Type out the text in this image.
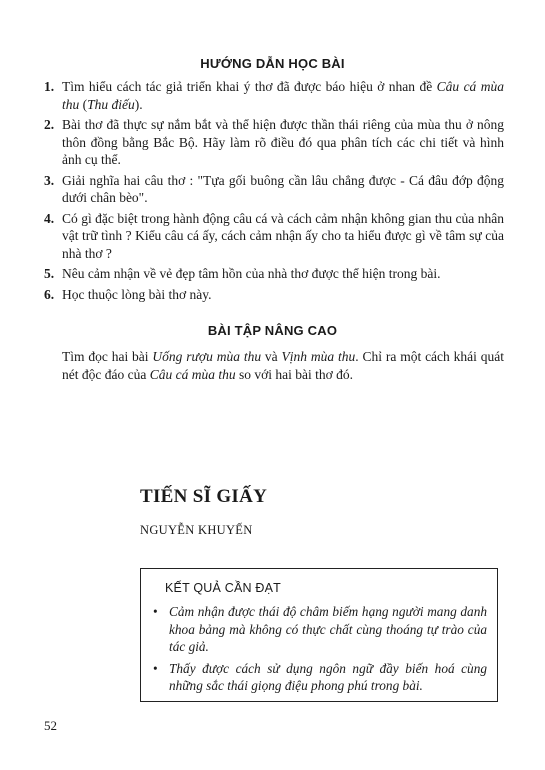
HƯỚNG DẪN HỌC BÀI
1. Tìm hiểu cách tác giả triển khai ý thơ đã được báo hiệu ở nhan đề Câu cá mùa thu (Thu điếu).
2. Bài thơ đã thực sự nắm bắt và thể hiện được thần thái riêng của mùa thu ở nông thôn đồng bằng Bắc Bộ. Hãy làm rõ điều đó qua phân tích các chi tiết và hình ảnh cụ thể.
3. Giải nghĩa hai câu thơ : "Tựa gối buông cần lâu chẳng được - Cá đâu đớp động dưới chân bèo".
4. Có gì đặc biệt trong hành động câu cá và cách cảm nhận không gian thu của nhân vật trữ tình ? Kiểu câu cá ấy, cách cảm nhận ấy cho ta hiểu được gì về tâm sự của nhà thơ ?
5. Nêu cảm nhận về vẻ đẹp tâm hồn của nhà thơ được thể hiện trong bài.
6. Học thuộc lòng bài thơ này.
BÀI TẬP NÂNG CAO
Tìm đọc hai bài Uống rượu mùa thu và Vịnh mùa thu. Chỉ ra một cách khái quát nét độc đáo của Câu cá mùa thu so với hai bài thơ đó.
TIẾN SĨ GIẤY
NGUYỄN KHUYẾN
KẾT QUẢ CẦN ĐẠT
• Cảm nhận được thái độ châm biếm hạng người mang danh khoa bảng mà không có thực chất cùng thoáng tự trào của tác giả.
• Thấy được cách sử dụng ngôn ngữ đầy biến hoá cùng những sắc thái giọng điệu phong phú trong bài.
52
